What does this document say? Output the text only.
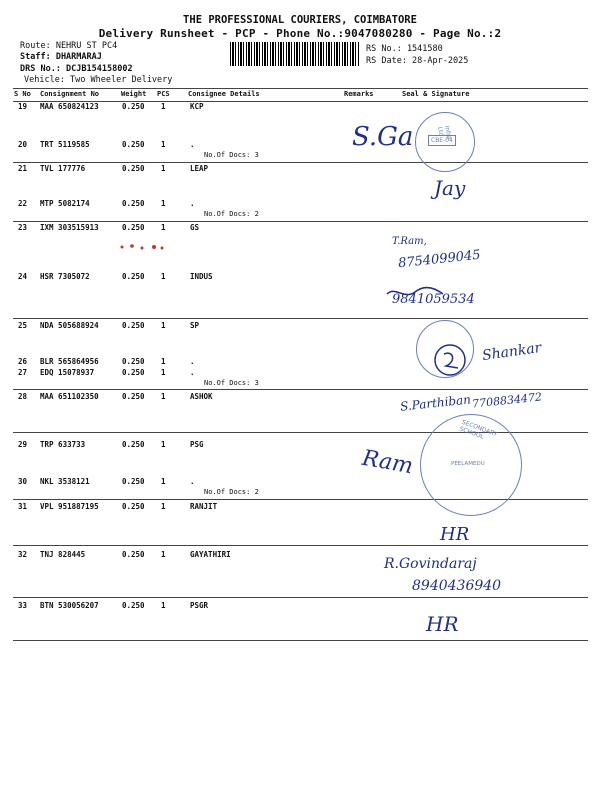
THE PROFESSIONAL COURIERS, COIMBATORE
Delivery Runsheet - PCP - Phone No.:9047080280 - Page No.:2
Route: NEHRU ST PC4
Staff: DHARMARAJ
DRS No.: DCJB154158002
Vehicle: Two Wheeler Delivery
RS No.: 1541580
RS Date: 28-Apr-2025
S No Consignment No	Weight PCS	Consignee Details	Remarks	Seal & Signature
19 MAA 650824123	0.250 1	KCP
20 TRT 5119585	0.250 1	.
No.Of Docs: 3
21 TVL 177776	0.250 1	LEAP
22 MTP 5082174	0.250 1	.
No.Of Docs: 2
23 IXM 303515913	0.250 1	GS
24 HSR 7305072	0.250 1	INDUS
25 NDA 505688924	0.250 1	SP
26 BLR 565864956	0.250 1	.
27 EDQ 15078937	0.250 1	.
No.Of Docs: 3
28 MAA 651102350	0.250 1	ASHOK
29 TRP 633733	0.250 1	PSG
30 NKL 3538121	0.250 1	.
No.Of Docs: 2
31 VPL 951887195	0.250 1	RANJIT
32 TNJ 828445	0.250 1	GAYATHIRI
33 BTN 530056207	0.250 1	PSGR
Infra Ltd
CBE-04
SECONDARY SCHOOL
PEELAMEDU
S.Ga
Jay
T.Ram,
8754099045
9841059534
Shankar
S.Parthiban 7708834472
Ram
HR
R.Govindaraj
8940436940
HR
